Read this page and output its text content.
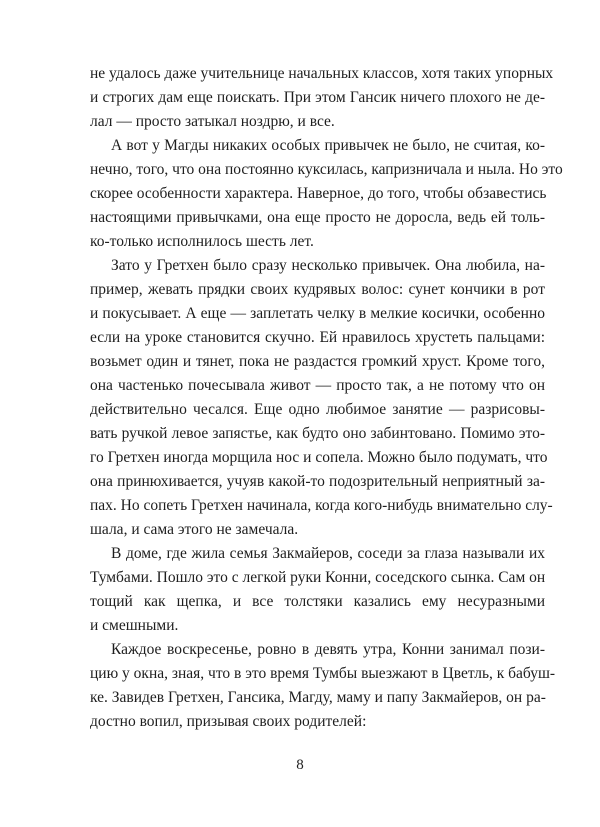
не удалось даже учительнице начальных классов, хотя таких упорных
и строгих дам еще поискать. При этом Гансик ничего плохого не де-
лал — просто затыкал ноздрю, и все.
А вот у Магды никаких особых привычек не было, не считая, ко-
нечно, того, что она постоянно куксилась, капризничала и ныла. Но это
скорее особенности характера. Наверное, до того, чтобы обзавестись
настоящими привычками, она еще просто не доросла, ведь ей толь-
ко-только исполнилось шесть лет.
Зато у Гретхен было сразу несколько привычек. Она любила, на-
пример, жевать прядки своих кудрявых волос: сунет кончики в рот
и покусывает. А еще — заплетать челку в мелкие косички, особенно
если на уроке становится скучно. Ей нравилось хрустеть пальцами:
возьмет один и тянет, пока не раздастся громкий хруст. Кроме того,
она частенько почесывала живот — просто так, а не потому что он
действительно чесался. Еще одно любимое занятие — разрисовы-
вать ручкой левое запястье, как будто оно забинтовано. Помимо это-
го Гретхен иногда морщила нос и сопела. Можно было подумать, что
она принюхивается, учуяв какой-то подозрительный неприятный за-
пах. Но сопеть Гретхен начинала, когда кого-нибудь внимательно слу-
шала, и сама этого не замечала.
В доме, где жила семья Закмайеров, соседи за глаза называли их
Тумбами. Пошло это с легкой руки Конни, соседского сынка. Сам он
тощий как щепка, и все толстяки казались ему несуразными
и смешными.
Каждое воскресенье, ровно в девять утра, Конни занимал пози-
цию у окна, зная, что в это время Тумбы выезжают в Цветль, к бабуш-
ке. Завидев Гретхен, Гансика, Магду, маму и папу Закмайеров, он ра-
достно вопил, призывая своих родителей:
8
